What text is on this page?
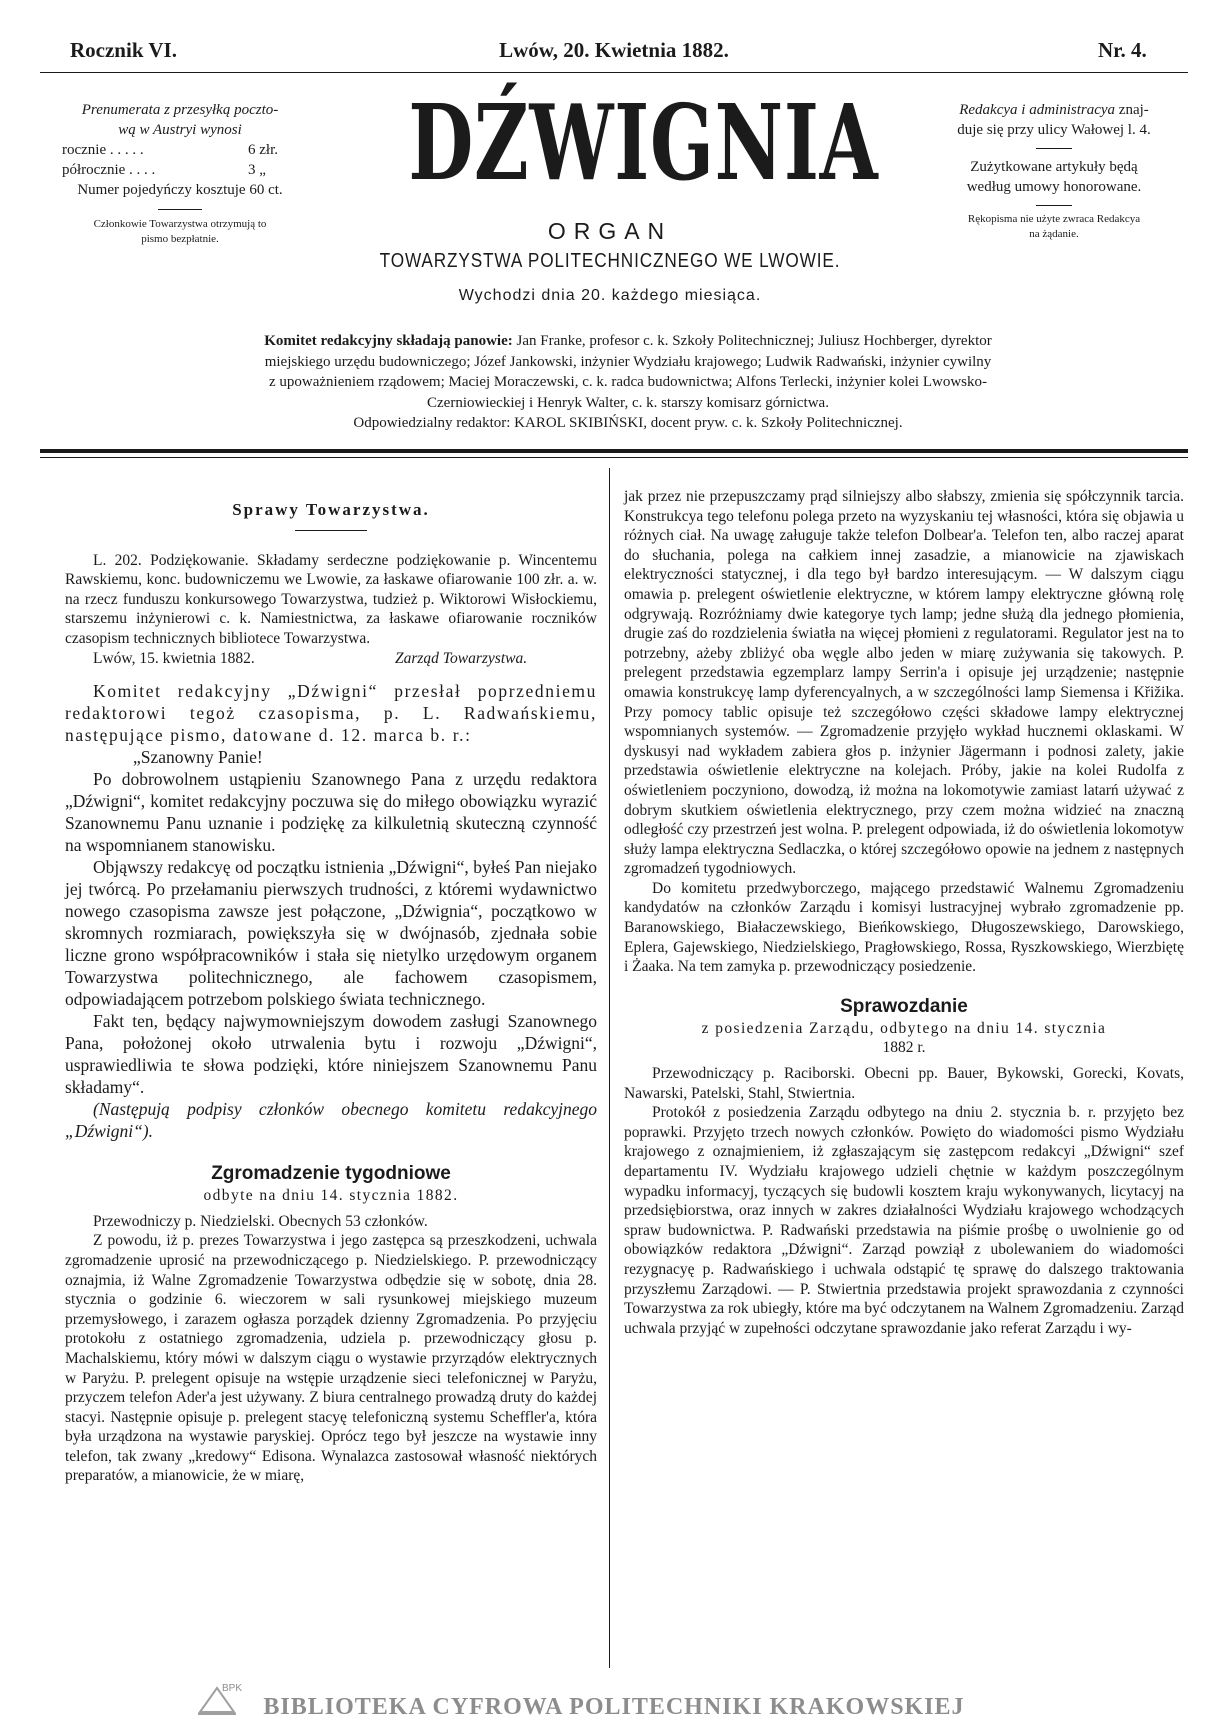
Rocznik VI.	Lwów, 20. Kwietnia 1882.	Nr. 4.
Prenumerata z przesyłką poczto-
wą w Austryi wynosi
rocznie . . . . .	6 złr.
półrocznie . . . .	3 „
Numer pojedyńczy kosztuje 60 ct.
Członkowie Towarzystwa otrzymują to
pismo bezpłatnie.
Redakcya i administracya znaj-
duje się przy ulicy Wałowej l. 4.
Zużytkowane artykuły będą
według umowy honorowane.
Rękopisma nie użyte zwraca Redakcya
na żądanie.
DŹWIGNIA
ORGAN
TOWARZYSTWA POLITECHNICZNEGO WE LWOWIE.
Wychodzi dnia 20. każdego miesiąca.

Komitet redakcyjny składają panowie: Jan Franke, profesor c. k. Szkoły Politechnicznej; Juliusz Hochberger, dyrektor

miejskiego urzędu budowniczego; Józef Jankowski, inżynier Wydziału krajowego; Ludwik Radwański, inżynier cywilny

z upoważnieniem rządowem; Maciej Moraczewski, c. k. radca budownictwa; Alfons Terlecki, inżynier kolei Lwowsko-

Czerniowieckiej i Henryk Walter, c. k. starszy komisarz górnictwa.

Odpowiedzialny redaktor: KAROL SKIBIŃSKI, docent pryw. c. k. Szkoły Politechnicznej.

Sprawy Towarzystwa.

L. 202. Podziękowanie. Składamy serdeczne podziękowanie p. Wincentemu Rawskiemu, konc. budowniczemu we Lwowie, za łaskawe ofiarowanie 100 złr. a. w. na rzecz funduszu konkursowego Towarzystwa, tudzież p. Wiktorowi Wisłockiemu, starszemu inżynierowi c. k. Namiestnictwa, za łaskawe ofiarowanie roczników czasopism technicznych bibliotece Towarzystwa.

Lwów, 15. kwietnia 1882.	Zarząd Towarzystwa.

Komitet redakcyjny „Dźwigni“ przesłał poprzedniemu redaktorowi tegoż czasopisma, p. L. Radwańskiemu, następujące pismo, datowane d. 12. marca b. r.:

„Szanowny Panie!

Po dobrowolnem ustąpieniu Szanownego Pana z urzędu redaktora „Dźwigni“, komitet redakcyjny poczuwa się do miłego obowiązku wyrazić Szanownemu Panu uznanie i podziękę za kilkuletnią skuteczną czynność na wspomnianem stanowisku.

Objąwszy redakcyę od początku istnienia „Dźwigni“, byłeś Pan niejako jej twórcą. Po przełamaniu pierwszych trudności, z któremi wydawnictwo nowego czasopisma zawsze jest połączone, „Dźwignia“, początkowo w skromnych rozmiarach, powiększyła się w dwójnasób, zjednała sobie liczne grono współpracowników i stała się nietylko urzędowym organem Towarzystwa politechnicznego, ale fachowem czasopismem, odpowiadającem potrzebom polskiego świata technicznego.

Fakt ten, będący najwymowniejszym dowodem zasługi Szanownego Pana, położonej około utrwalenia bytu i rozwoju „Dźwigni“, usprawiedliwia te słowa podzięki, które niniejszem Szanownemu Panu składamy“.

(Następują podpisy członków obecnego komitetu redakcyjnego „Dźwigni“).

Zgromadzenie tygodniowe

odbyte na dniu 14. stycznia 1882.

Przewodniczy p. Niedzielski. Obecnych 53 członków.

Z powodu, iż p. prezes Towarzystwa i jego zastępca są przeszkodzeni, uchwala zgromadzenie uprosić na przewodniczącego p. Niedzielskiego. P. przewodniczący oznajmia, iż Walne Zgromadzenie Towarzystwa odbędzie się w sobotę, dnia 28. stycznia o godzinie 6. wieczorem w sali rysunkowej miejskiego muzeum przemysłowego, i zarazem ogłasza porządek dzienny Zgromadzenia. Po przyjęciu protokołu z ostatniego zgromadzenia, udziela p. przewodniczący głosu p. Machalskiemu, który mówi w dalszym ciągu o wystawie przyrządów elektrycznych w Paryżu. P. prelegent opisuje na wstępie urządzenie sieci telefonicznej w Paryżu, przyczem telefon Ader'a jest używany. Z biura centralnego prowadzą druty do każdej stacyi. Następnie opisuje p. prelegent stacyę telefoniczną systemu Scheffler'a, która była urządzona na wystawie paryskiej. Oprócz tego był jeszcze na wystawie inny telefon, tak zwany „kredowy“ Edisona. Wynalazca zastosował własność niektórych preparatów, a mianowicie, że w miarę,

jak przez nie przepuszczamy prąd silniejszy albo słabszy, zmienia się spółczynnik tarcia. Konstrukcya tego telefonu polega przeto na wyzyskaniu tej własności, która się objawia u różnych ciał. Na uwagę załuguje także telefon Dolbear'a. Telefon ten, albo raczej aparat do słuchania, polega na całkiem innej zasadzie, a mianowicie na zjawiskach elektryczności statycznej, i dla tego był bardzo interesującym. — W dalszym ciągu omawia p. prelegent oświetlenie elektryczne, w którem lampy elektryczne główną rolę odgrywają. Rozróżniamy dwie kategorye tych lamp; jedne służą dla jednego płomienia, drugie zaś do rozdzielenia światła na więcej płomieni z regulatorami. Regulator jest na to potrzebny, ażeby zbliżyć oba węgle albo jeden w miarę zużywania się takowych. P. prelegent przedstawia egzemplarz lampy Serrin'a i opisuje jej urządzenie; następnie omawia konstrukcyę lamp dyferencyalnych, a w szczególności lamp Siemensa i Křižika. Przy pomocy tablic opisuje też szczegółowo części składowe lampy elektrycznej wspomnianych systemów. — Zgromadzenie przyjęło wykład hucznemi oklaskami. W dyskusyi nad wykładem zabiera głos p. inżynier Jägermann i podnosi zalety, jakie przedstawia oświetlenie elektryczne na kolejach. Próby, jakie na kolei Rudolfa z oświetleniem poczyniono, dowodzą, iż można na lokomotywie zamiast latarń używać z dobrym skutkiem oświetlenia elektrycznego, przy czem można widzieć na znaczną odległość czy przestrzeń jest wolna. P. prelegent odpowiada, iż do oświetlenia lokomotyw służy lampa elektryczna Sedlaczka, o której szczegółowo opowie na jednem z następnych zgromadzeń tygodniowych.

Do komitetu przedwyborczego, mającego przedstawić Walnemu Zgromadzeniu kandydatów na członków Zarządu i komisyi lustracyjnej wybrało zgromadzenie pp. Baranowskiego, Białaczewskiego, Bieńkowskiego, Długoszewskiego, Darowskiego, Eplera, Gajewskiego, Niedzielskiego, Pragłowskiego, Rossa, Ryszkowskiego, Wierzbiętę i Żaaka. Na tem zamyka p. przewodniczący posiedzenie.

Sprawozdanie

z posiedzenia Zarządu, odbytego na dniu 14. stycznia

1882 r.

Przewodniczący p. Raciborski. Obecni pp. Bauer, Bykowski, Gorecki, Kovats, Nawarski, Patelski, Stahl, Stwiertnia.

Protokół z posiedzenia Zarządu odbytego na dniu 2. stycznia b. r. przyjęto bez poprawki. Przyjęto trzech nowych członków. Powięto do wiadomości pismo Wydziału krajowego z oznajmieniem, iż zgłaszającym się zastępcom redakcyi „Dźwigni“ szef departamentu IV. Wydziału krajowego udzieli chętnie w każdym poszczególnym wypadku informacyj, tyczących się budowli kosztem kraju wykonywanych, licytacyj na przedsiębiorstwa, oraz innych w zakres działalności Wydziału krajowego wchodzących spraw budownictwa. P. Radwański przedstawia na piśmie prośbę o uwolnienie go od obowiązków redaktora „Dźwigni“. Zarząd powziął z ubolewaniem do wiadomości rezygnacyę p. Radwańskiego i uchwala odstąpić tę sprawę do dalszego traktowania przyszłemu Zarządowi. — P. Stwiertnia przedstawia projekt sprawozdania z czynności Towarzystwa za rok ubiegły, które ma być odczytanem na Walnem Zgromadzeniu. Zarząd uchwala przyjąć w zupełności odczytane sprawozdanie jako referat Zarządu i wy-

BPK
BIBLIOTEKA CYFROWA POLITECHNIKI KRAKOWSKIEJ
